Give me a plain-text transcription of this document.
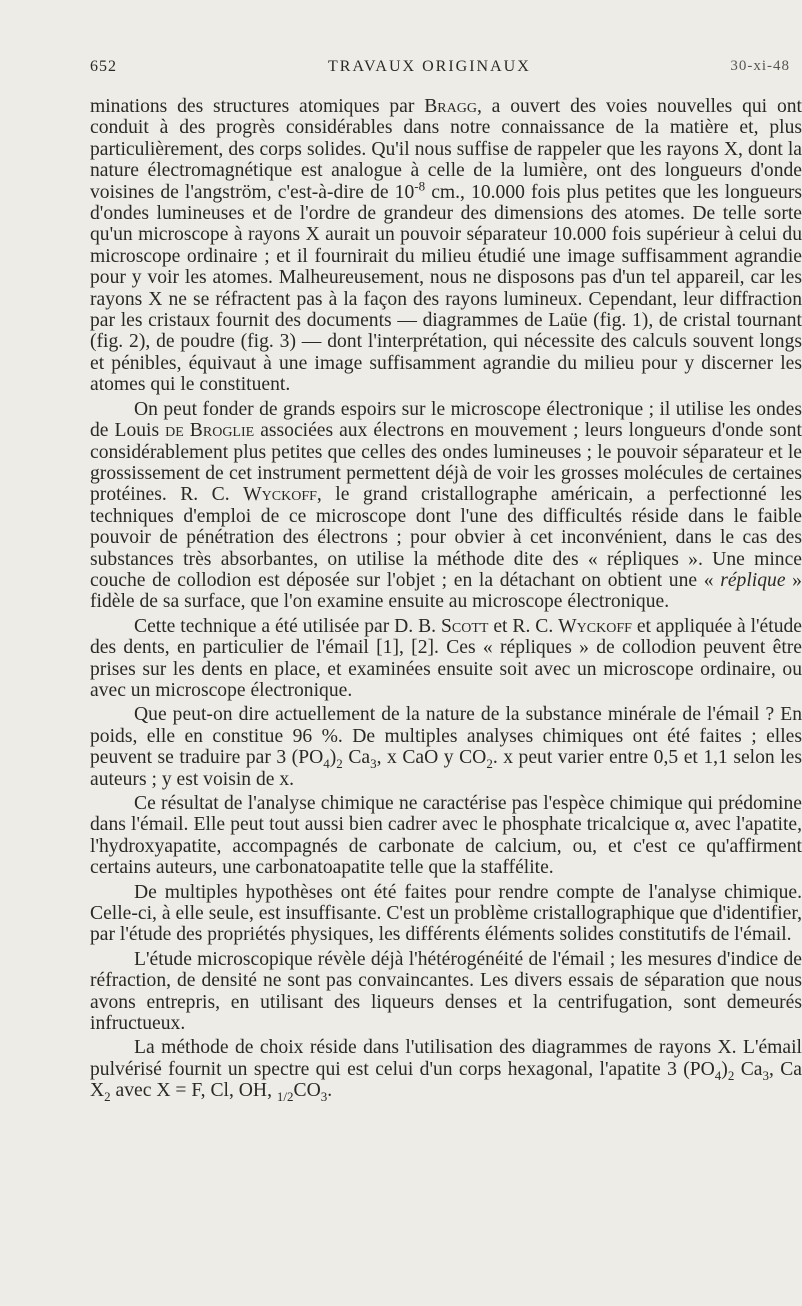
652	TRAVAUX ORIGINAUX	30-xi-48

minations des structures atomiques par Bragg, a ouvert des voies nouvelles qui ont conduit à des progrès considérables dans notre connaissance de la matière et, plus particulièrement, des corps solides. Qu'il nous suffise de rappeler que les rayons X, dont la nature électromagnétique est analogue à celle de la lumière, ont des longueurs d'onde voisines de l'angström, c'est-à-dire de $10^{-8}$ cm., 10.000 fois plus petites que les longueurs d'ondes lumineuses et de l'ordre de grandeur des dimensions des atomes. De telle sorte qu'un microscope à rayons X aurait un pouvoir séparateur 10.000 fois supérieur à celui du microscope ordinaire ; et il fournirait du milieu étudié une image suffisamment agrandie pour y voir les atomes. Malheureusement, nous ne disposons pas d'un tel appareil, car les rayons X ne se réfractent pas à la façon des rayons lumineux. Cependant, leur diffraction par les cristaux fournit des documents — diagrammes de Laüe (fig. 1), de cristal tournant (fig. 2), de poudre (fig. 3) — dont l'interprétation, qui nécessite des calculs souvent longs et pénibles, équivaut à une image suffisamment agrandie du milieu pour y discerner les atomes qui le constituent.

On peut fonder de grands espoirs sur le microscope électronique ; il utilise les ondes de Louis de Broglie associées aux électrons en mouvement ; leurs longueurs d'onde sont considérablement plus petites que celles des ondes lumineuses ; le pouvoir séparateur et le grossissement de cet instrument permettent déjà de voir les grosses molécules de certaines protéines. R. C. Wyckoff, le grand cristallographe américain, a perfectionné les techniques d'emploi de ce microscope dont l'une des difficultés réside dans le faible pouvoir de pénétration des électrons ; pour obvier à cet inconvénient, dans le cas des substances très absorbantes, on utilise la méthode dite des « répliques ». Une mince couche de collodion est déposée sur l'objet ; en la détachant on obtient une « réplique » fidèle de sa surface, que l'on examine ensuite au microscope électronique.

Cette technique a été utilisée par D. B. Scott et R. C. Wyckoff et appliquée à l'étude des dents, en particulier de l'émail [1], [2]. Ces « répliques » de collodion peuvent être prises sur les dents en place, et examinées ensuite soit avec un microscope ordinaire, ou avec un microscope électronique.

Que peut-on dire actuellement de la nature de la substance minérale de l'émail ? En poids, elle en constitue 96 %. De multiples analyses chimiques ont été faites ; elles peuvent se traduire par 3 $(PO_4)_2$ $Ca_3$, x CaO y $CO_2$. x peut varier entre 0,5 et 1,1 selon les auteurs ; y est voisin de x.

Ce résultat de l'analyse chimique ne caractérise pas l'espèce chimique qui prédomine dans l'émail. Elle peut tout aussi bien cadrer avec le phosphate tricalcique α, avec l'apatite, l'hydroxyapatite, accompagnés de carbonate de calcium, ou, et c'est ce qu'affirment certains auteurs, une carbonatoapatite telle que la staffélite.

De multiples hypothèses ont été faites pour rendre compte de l'analyse chimique. Celle-ci, à elle seule, est insuffisante. C'est un problème cristallographique que d'identifier, par l'étude des propriétés physiques, les différents éléments solides constitutifs de l'émail.

L'étude microscopique révèle déjà l'hétérogénéité de l'émail ; les mesures d'indice de réfraction, de densité ne sont pas convaincantes. Les divers essais de séparation que nous avons entrepris, en utilisant des liqueurs denses et la centrifugation, sont demeurés infructueux.

La méthode de choix réside dans l'utilisation des diagrammes de rayons X. L'émail pulvérisé fournit un spectre qui est celui d'un corps hexagonal, l'apatite 3 $(PO_4)_2$ $Ca_3$, Ca $X_2$ avec X = F, Cl, OH, $_{1/2}CO_3$.
